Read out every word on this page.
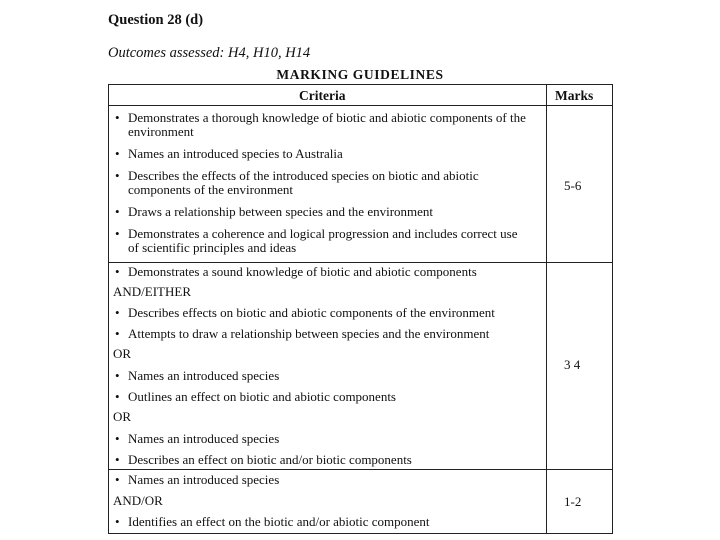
Question 28 (d)
Outcomes assessed: H4, H10, H14
MARKING GUIDELINES
Criteria	Marks
• Demonstrates a thorough knowledge of biotic and abiotic components of the
environment
• Names an introduced species to Australia
• Describes the effects of the introduced species on biotic and abiotic
components of the environment
• Draws a relationship between species and the environment
• Demonstrates a coherence and logical progression and includes correct use
of scientific principles and ideas
5-6
• Demonstrates a sound knowledge of biotic and abiotic components
AND/EITHER
• Describes effects on biotic and abiotic components of the environment
• Attempts to draw a relationship between species and the environment
OR
• Names an introduced species
• Outlines an effect on biotic and abiotic components
OR
• Names an introduced species
• Describes an effect on biotic and/or biotic components
3 4
• Names an introduced species
AND/OR
• Identifies an effect on the biotic and/or abiotic component
1-2
